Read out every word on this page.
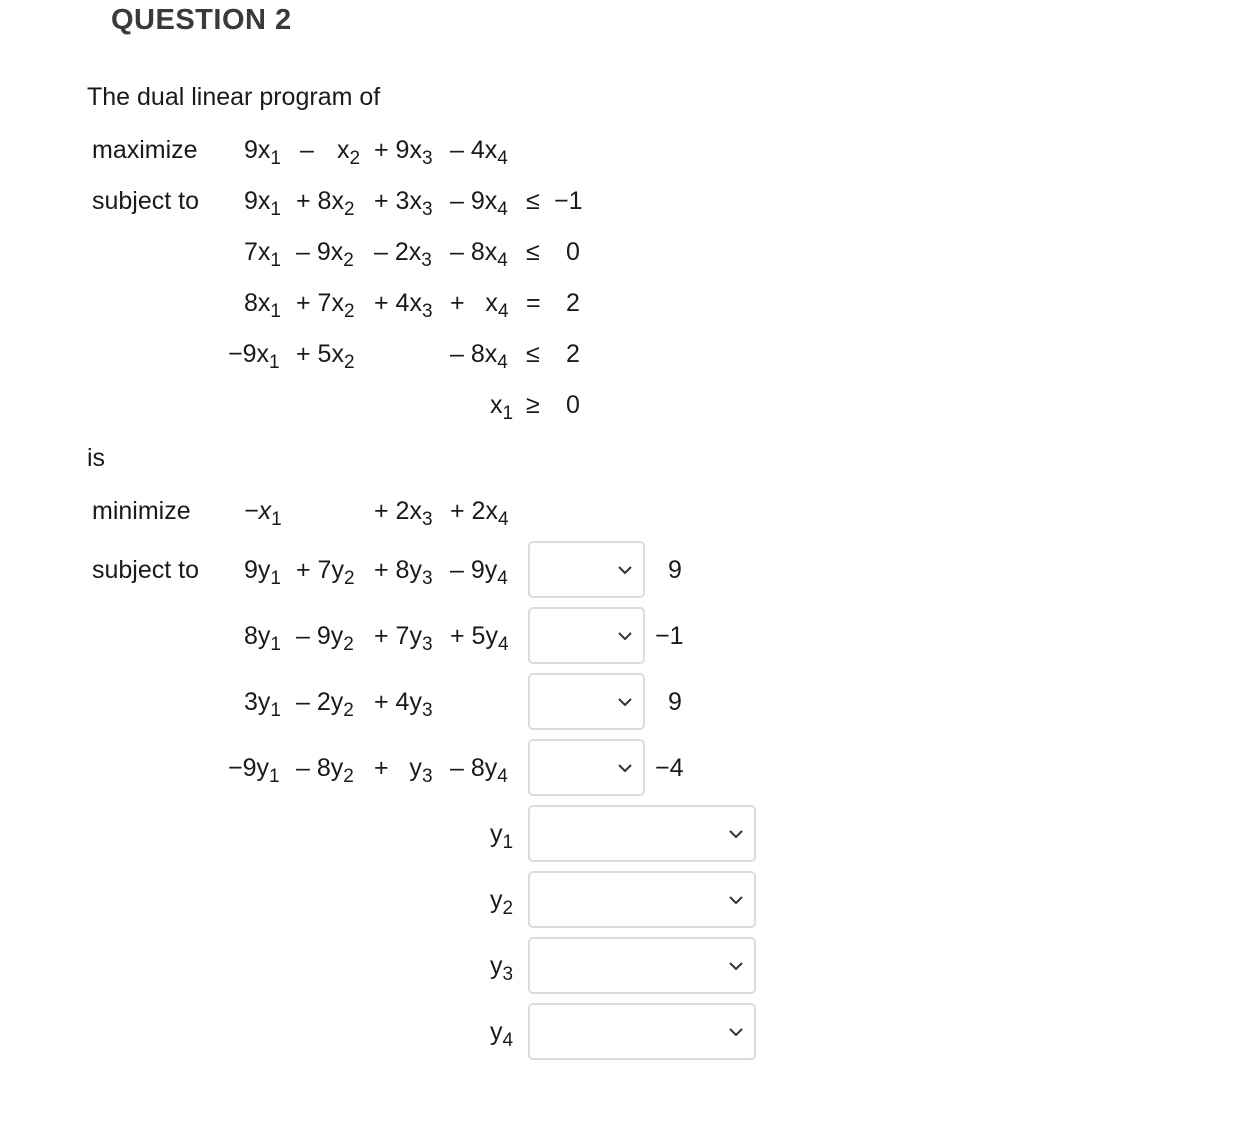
QUESTION 2
The dual linear program of
maximize
subject to
$9x_1 - x_2 + 9x_3 - 4x_4$
$9x_1 + 8x_2 + 3x_3 - 9x_4 \le -1$
$7x_1 - 9x_2 - 2x_3 - 8x_4 \le 0$
$8x_1 + 7x_2 + 4x_3 + x_4 = 2$
$-9x_1 + 5x_2$	– $8x_4 \le 2$
$x_1 \ge 0$
is
minimize
subject to
$-x_1$	+ $2x_3 + 2x_4$
$9y_1 + 7y_2 + 8y_3 - 9y_4$	9
$8y_1 - 9y_2 + 7y_3 + 5y_4$	−1
$3y_1 - 2y_2 + 4y_3$	9
$-9y_1 - 8y_2 + y_3 - 8y_4$	−4
$y_1$
$y_2$
$y_3$
$y_4$
